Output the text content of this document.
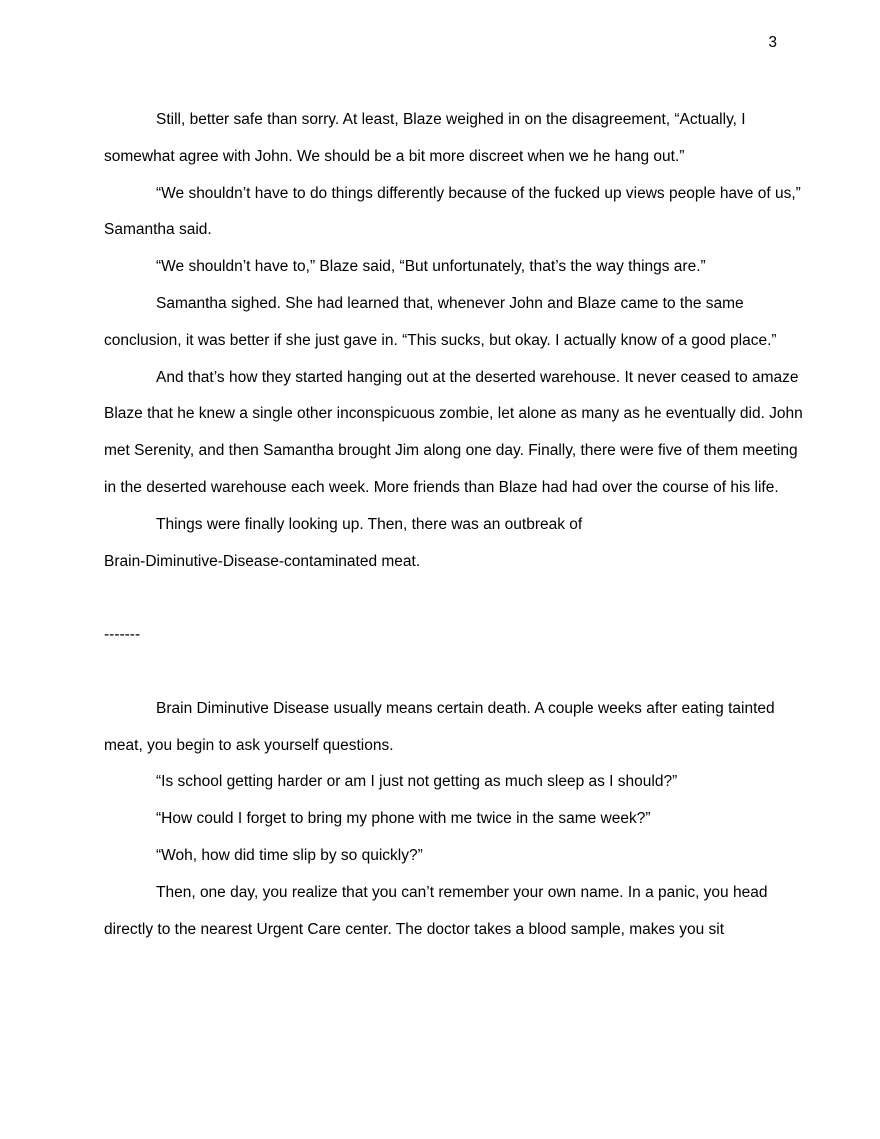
3

Still, better safe than sorry. At least, Blaze weighed in on the disagreement, “Actually, I somewhat agree with John. We should be a bit more discreet when we he hang out.”

“We shouldn’t have to do things differently because of the fucked up views people have of us,” Samantha said.

“We shouldn’t have to,” Blaze said, “But unfortunately, that’s the way things are.”

Samantha sighed. She had learned that, whenever John and Blaze came to the same conclusion, it was better if she just gave in. “This sucks, but okay. I actually know of a good place.”

And that’s how they started hanging out at the deserted warehouse. It never ceased to amaze Blaze that he knew a single other inconspicuous zombie, let alone as many as he eventually did. John met Serenity, and then Samantha brought Jim along one day. Finally, there were five of them meeting in the deserted warehouse each week. More friends than Blaze had had over the course of his life.

Things were finally looking up. Then, there was an outbreak of

Brain-Diminutive-Disease-contaminated meat.

-------

Brain Diminutive Disease usually means certain death. A couple weeks after eating tainted meat, you begin to ask yourself questions.

“Is school getting harder or am I just not getting as much sleep as I should?”

“How could I forget to bring my phone with me twice in the same week?”

“Woh, how did time slip by so quickly?”

Then, one day, you realize that you can’t remember your own name. In a panic, you head directly to the nearest Urgent Care center. The doctor takes a blood sample, makes you sit
